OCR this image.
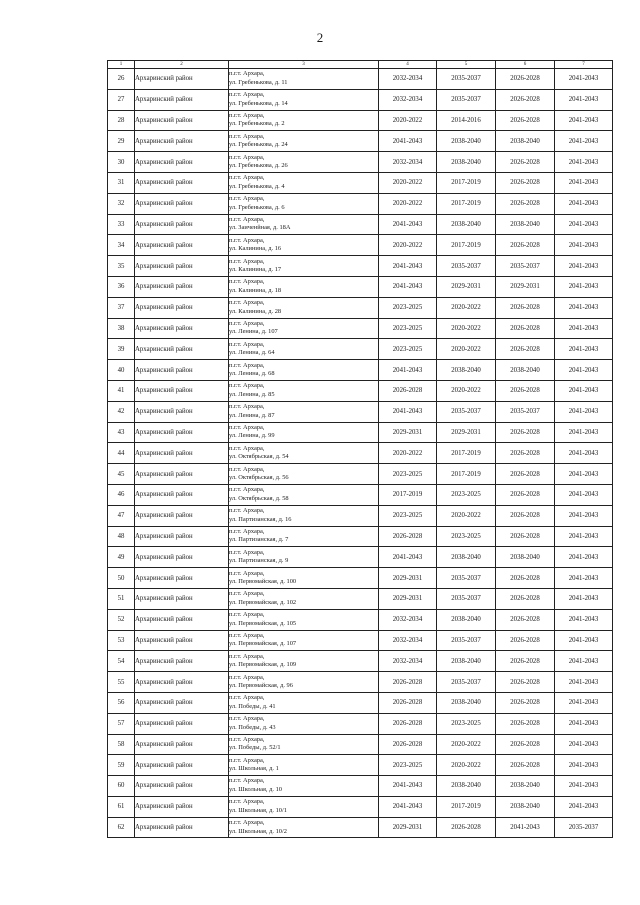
2
1	2	3	4	5	6	7
26	Архаринский район	п.г.т. Архара,
ул. Гребенькова, д. 11	2032-2034	2035-2037	2026-2028	2041-2043
27	Архаринский район	п.г.т. Архара,
ул. Гребенькова, д. 14	2032-2034	2035-2037	2026-2028	2041-2043
28	Архаринский район	п.г.т. Архара,
ул. Гребенькова, д. 2	2020-2022	2014-2016	2026-2028	2041-2043
29	Архаринский район	п.г.т. Архара,
ул. Гребенькова, д. 24	2041-2043	2038-2040	2038-2040	2041-2043
30	Архаринский район	п.г.т. Архара,
ул. Гребенькова, д. 26	2032-2034	2038-2040	2026-2028	2041-2043
31	Архаринский район	п.г.т. Архара,
ул. Гребенькова, д. 4	2020-2022	2017-2019	2026-2028	2041-2043
32	Архаринский район	п.г.т. Архара,
ул. Гребенькова, д. 6	2020-2022	2017-2019	2026-2028	2041-2043
33	Архаринский район	п.г.т. Архара,
ул. Заиченйная, д. 18А	2041-2043	2038-2040	2038-2040	2041-2043
34	Архаринский район	п.г.т. Архара,
ул. Калинина, д. 16	2020-2022	2017-2019	2026-2028	2041-2043
35	Архаринский район	п.г.т. Архара,
ул. Калинина, д. 17	2041-2043	2035-2037	2035-2037	2041-2043
36	Архаринский район	п.г.т. Архара,
ул. Калинина, д. 18	2041-2043	2029-2031	2029-2031	2041-2043
37	Архаринский район	п.г.т. Архара,
ул. Калинина, д. 28	2023-2025	2020-2022	2026-2028	2041-2043
38	Архаринский район	п.г.т. Архара,
ул. Ленина, д. 107	2023-2025	2020-2022	2026-2028	2041-2043
39	Архаринский район	п.г.т. Архара,
ул. Ленина, д. 64	2023-2025	2020-2022	2026-2028	2041-2043
40	Архаринский район	п.г.т. Архара,
ул. Ленина, д. 68	2041-2043	2038-2040	2038-2040	2041-2043
41	Архаринский район	п.г.т. Архара,
ул. Ленина, д. 85	2026-2028	2020-2022	2026-2028	2041-2043
42	Архаринский район	п.г.т. Архара,
ул. Ленина, д. 87	2041-2043	2035-2037	2035-2037	2041-2043
43	Архаринский район	п.г.т. Архара,
ул. Ленина, д. 99	2029-2031	2029-2031	2026-2028	2041-2043
44	Архаринский район	п.г.т. Архара,
ул. Октябрьская, д. 54	2020-2022	2017-2019	2026-2028	2041-2043
45	Архаринский район	п.г.т. Архара,
ул. Октябрьская, д. 56	2023-2025	2017-2019	2026-2028	2041-2043
46	Архаринский район	п.г.т. Архара,
ул. Октябрьская, д. 58	2017-2019	2023-2025	2026-2028	2041-2043
47	Архаринский район	п.г.т. Архара,
ул. Партизанская, д. 16	2023-2025	2020-2022	2026-2028	2041-2043
48	Архаринский район	п.г.т. Архара,
ул. Партизанская, д. 7	2026-2028	2023-2025	2026-2028	2041-2043
49	Архаринский район	п.г.т. Архара,
ул. Партизанская, д. 9	2041-2043	2038-2040	2038-2040	2041-2043
50	Архаринский район	п.г.т. Архара,
ул. Первомайская, д. 100	2029-2031	2035-2037	2026-2028	2041-2043
51	Архаринский район	п.г.т. Архара,
ул. Первомайская, д. 102	2029-2031	2035-2037	2026-2028	2041-2043
52	Архаринский район	п.г.т. Архара,
ул. Первомайская, д. 105	2032-2034	2038-2040	2026-2028	2041-2043
53	Архаринский район	п.г.т. Архара,
ул. Первомайская, д. 107	2032-2034	2035-2037	2026-2028	2041-2043
54	Архаринский район	п.г.т. Архара,
ул. Первомайская, д. 109	2032-2034	2038-2040	2026-2028	2041-2043
55	Архаринский район	п.г.т. Архара,
ул. Первомайская, д. 96	2026-2028	2035-2037	2026-2028	2041-2043
56	Архаринский район	п.г.т. Архара,
ул. Победы, д. 41	2026-2028	2038-2040	2026-2028	2041-2043
57	Архаринский район	п.г.т. Архара,
ул. Победы, д. 43	2026-2028	2023-2025	2026-2028	2041-2043
58	Архаринский район	п.г.т. Архара,
ул. Победы, д. 52/1	2026-2028	2020-2022	2026-2028	2041-2043
59	Архаринский район	п.г.т. Архара,
ул. Школьная, д. 1	2023-2025	2020-2022	2026-2028	2041-2043
60	Архаринский район	п.г.т. Архара,
ул. Школьная, д. 10	2041-2043	2038-2040	2038-2040	2041-2043
61	Архаринский район	п.г.т. Архара,
ул. Школьная, д. 10/1	2041-2043	2017-2019	2038-2040	2041-2043
62	Архаринский район	п.г.т. Архара,
ул. Школьная, д. 10/2	2029-2031	2026-2028	2041-2043	2035-2037
